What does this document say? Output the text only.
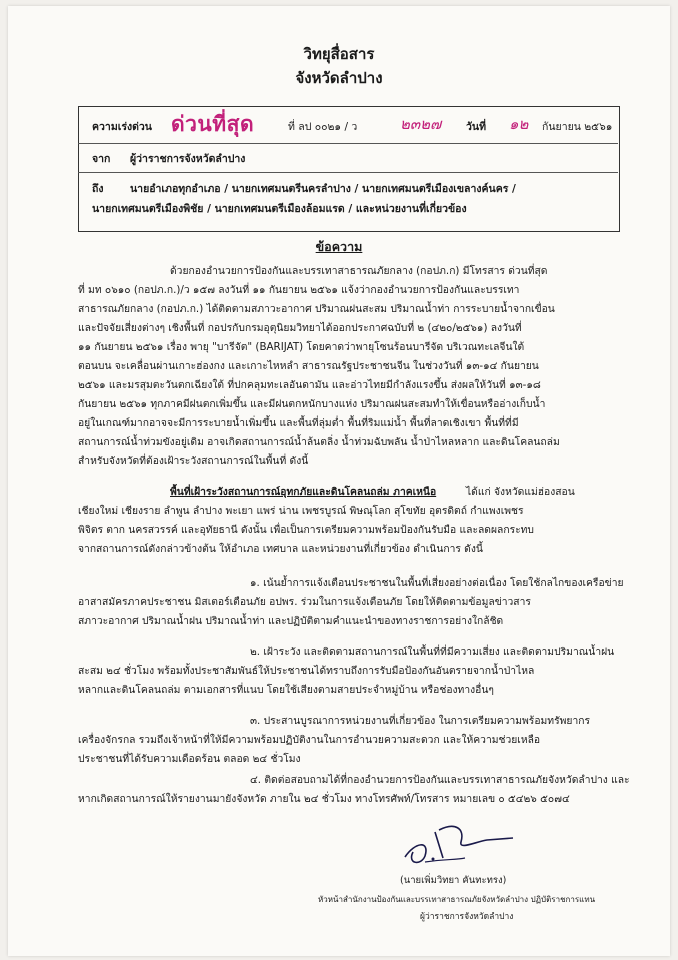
วิทยุสื่อสาร
จังหวัดลำปาง
ความเร่งด่วน ด่วนที่สุด	ที่ ลป ๐๐๒๑ / ว	๒๓๒๗ วันที่ ๑๒ กันยายน ๒๕๖๑
จาก ผู้ว่าราชการจังหวัดลำปาง
ถึง	นายอำเภอทุกอำเภอ / นายกเทศมนตรีนครลำปาง / นายกเทศมนตรีเมืองเขลางค์นคร /
นายกเทศมนตรีเมืองพิชัย / นายกเทศมนตรีเมืองล้อมแรด / และหน่วยงานที่เกี่ยวข้อง
ข้อความ
ด้วยกองอำนวยการป้องกันและบรรเทาสาธารณภัยกลาง (กอปภ.ก) มีโทรสาร ด่วนที่สุด
ที่ มท ๐๖๑๐ (กอปภ.ก.)/ว ๑๕๗ ลงวันที่ ๑๑ กันยายน ๒๕๖๑ แจ้งว่ากองอำนวยการป้องกันและบรรเทา
สาธารณภัยกลาง (กอปภ.ก.) ได้ติดตามสภาวะอากาศ ปริมาณฝนสะสม ปริมาณน้ำท่า การระบายน้ำจากเขื่อน
และปัจจัยเสี่ยงต่างๆ เชิงพื้นที่ กอปรกับกรมอุตุนิยมวิทยาได้ออกประกาศฉบับที่ ๒ (๔๒๐/๒๕๖๑) ลงวันที่
๑๑ กันยายน ๒๕๖๑ เรื่อง พายุ "บารีจัต" (BARIJAT) โดยคาดว่าพายุโซนร้อนบารีจัต บริเวณทะเลจีนใต้
ตอนบน จะเคลื่อนผ่านเกาะฮ่องกง และเกาะไหหลำ สาธารณรัฐประชาชนจีน ในช่วงวันที่ ๑๓-๑๔ กันยายน
๒๕๖๑ และมรสุมตะวันตกเฉียงใต้ ที่ปกคลุมทะเลอันดามัน และอ่าวไทยมีกำลังแรงขึ้น ส่งผลให้วันที่ ๑๓-๑๘
กันยายน ๒๕๖๑ ทุกภาคมีฝนตกเพิ่มขึ้น และมีฝนตกหนักบางแห่ง ปริมาณฝนสะสมทำให้เขื่อนหรืออ่างเก็บน้ำ
อยู่ในเกณฑ์มากอาจจะมีการระบายน้ำเพิ่มขึ้น และพื้นที่ลุ่มต่ำ พื้นที่ริมแม่น้ำ พื้นที่ลาดเชิงเขา พื้นที่ที่มี
สถานการณ์น้ำท่วมขังอยู่เดิม อาจเกิดสถานการณ์น้ำล้นตลิ่ง น้ำท่วมฉับพลัน น้ำป่าไหลหลาก และดินโคลนถล่ม
สำหรับจังหวัดที่ต้องเฝ้าระวังสถานการณ์ในพื้นที่ ดังนี้
พื้นที่เฝ้าระวังสถานการณ์อุทกภัยและดินโคลนถล่ม ภาคเหนือ	ได้แก่ จังหวัดแม่ฮ่องสอน
เชียงใหม่ เชียงราย ลำพูน ลำปาง พะเยา แพร่ น่าน เพชรบูรณ์ พิษณุโลก สุโขทัย อุตรดิตถ์ กำแพงเพชร
พิจิตร ตาก นครสวรรค์ และอุทัยธานี ดังนั้น เพื่อเป็นการเตรียมความพร้อมป้องกันรับมือ และลดผลกระทบ
จากสถานการณ์ดังกล่าวข้างต้น ให้อำเภอ เทศบาล และหน่วยงานที่เกี่ยวข้อง ดำเนินการ ดังนี้
๑. เน้นย้ำการแจ้งเตือนประชาชนในพื้นที่เสี่ยงอย่างต่อเนื่อง โดยใช้กลไกของเครือข่าย
อาสาสมัครภาคประชาชน มิสเตอร์เตือนภัย อปพร. ร่วมในการแจ้งเตือนภัย โดยให้ติดตามข้อมูลข่าวสาร
สภาวะอากาศ ปริมาณน้ำฝน ปริมาณน้ำท่า และปฏิบัติตามคำแนะนำของทางราชการอย่างใกล้ชิด
๒. เฝ้าระวัง และติดตามสถานการณ์ในพื้นที่ที่มีความเสี่ยง และติดตามปริมาณน้ำฝน
สะสม ๒๔ ชั่วโมง พร้อมทั้งประชาสัมพันธ์ให้ประชาชนได้ทราบถึงการรับมือป้องกันอันตรายจากน้ำป่าไหล
หลากและดินโคลนถล่ม ตามเอกสารที่แนบ โดยใช้เสียงตามสายประจำหมู่บ้าน หรือช่องทางอื่นๆ
๓. ประสานบูรณาการหน่วยงานที่เกี่ยวข้อง ในการเตรียมความพร้อมทรัพยากร
เครื่องจักรกล รวมถึงเจ้าหน้าที่ให้มีความพร้อมปฏิบัติงานในการอำนวยความสะดวก และให้ความช่วยเหลือ
ประชาชนที่ได้รับความเดือดร้อน ตลอด ๒๔ ชั่วโมง
๔. ติดต่อสอบถามได้ที่กองอำนวยการป้องกันและบรรเทาสาธารณภัยจังหวัดลำปาง และ
หากเกิดสถานการณ์ให้รายงานมายังจังหวัด ภายใน ๒๔ ชั่วโมง ทางโทรศัพท์/โทรสาร หมายเลข ๐ ๕๔๒๖ ๕๐๗๔
(นายเพิ่มวิทยา คันทะทรง)
หัวหน้าสำนักงานป้องกันและบรรเทาสาธารณภัยจังหวัดลำปาง ปฏิบัติราชการแทน
ผู้ว่าราชการจังหวัดลำปาง
